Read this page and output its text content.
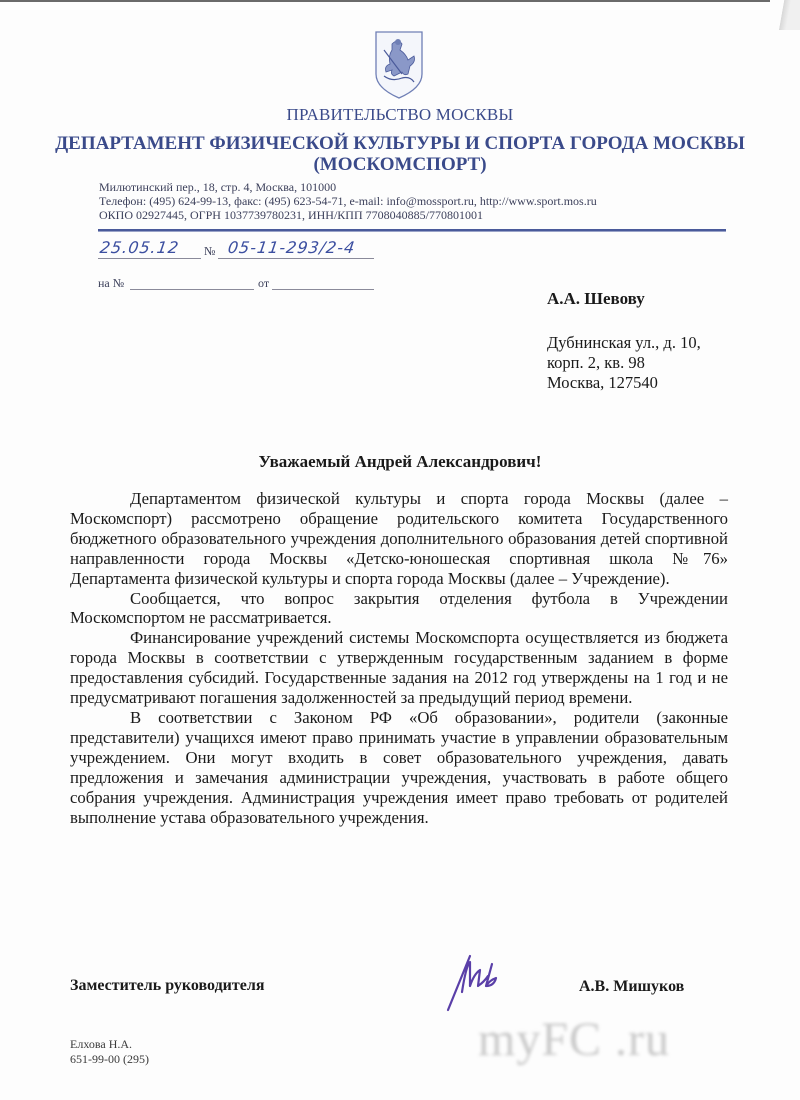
ПРАВИТЕЛЬСТВО МОСКВЫ
ДЕПАРТАМЕНТ ФИЗИЧЕСКОЙ КУЛЬТУРЫ И СПОРТА ГОРОДА МОСКВЫ
(МОСКОМСПОРТ)
Милютинский пер., 18, стр. 4, Москва, 101000
Телефон: (495) 624-99-13, факс: (495) 623-54-71, e-mail: info@mossport.ru, http://www.sport.mos.ru
ОКПО 02927445, ОГРН 1037739780231, ИНН/КПП 7708040885/770801001
25.05.12 № 05-11-293/2-4
на №	от
А.А. Шевову
Дубнинская ул., д. 10,
корп. 2, кв. 98
Москва, 127540
Уважаемый Андрей Александрович!

Департаментом физической культуры и спорта города Москвы (далее – Москомспорт) рассмотрено обращение родительского комитета Государственного бюджетного образовательного учреждения дополнительного образования детей спортивной направленности города Москвы «Детско-юношеская спортивная школа №76» Департамента физической культуры и спорта города Москвы (далее – Учреждение).

Сообщается, что вопрос закрытия отделения футбола в Учреждении Москомспортом не рассматривается.

Финансирование учреждений системы Москомспорта осуществляется из бюджета города Москвы в соответствии с утвержденным государственным заданием в форме предоставления субсидий. Государственные задания на 2012 год утверждены на 1 год и не предусматривают погашения задолженностей за предыдущий период времени.

В соответствии с Законом РФ «Об образовании», родители (законные представители) учащихся имеют право принимать участие в управлении образовательным учреждением. Они могут входить в совет образовательного учреждения, давать предложения и замечания администрации учреждения, участвовать в работе общего собрания учреждения. Администрация учреждения имеет право требовать от родителей выполнение устава образовательного учреждения.

Заместитель руководителя	А.В. Мишуков
Елхова Н.А.
651-99-00 (295)	myFC .ru
